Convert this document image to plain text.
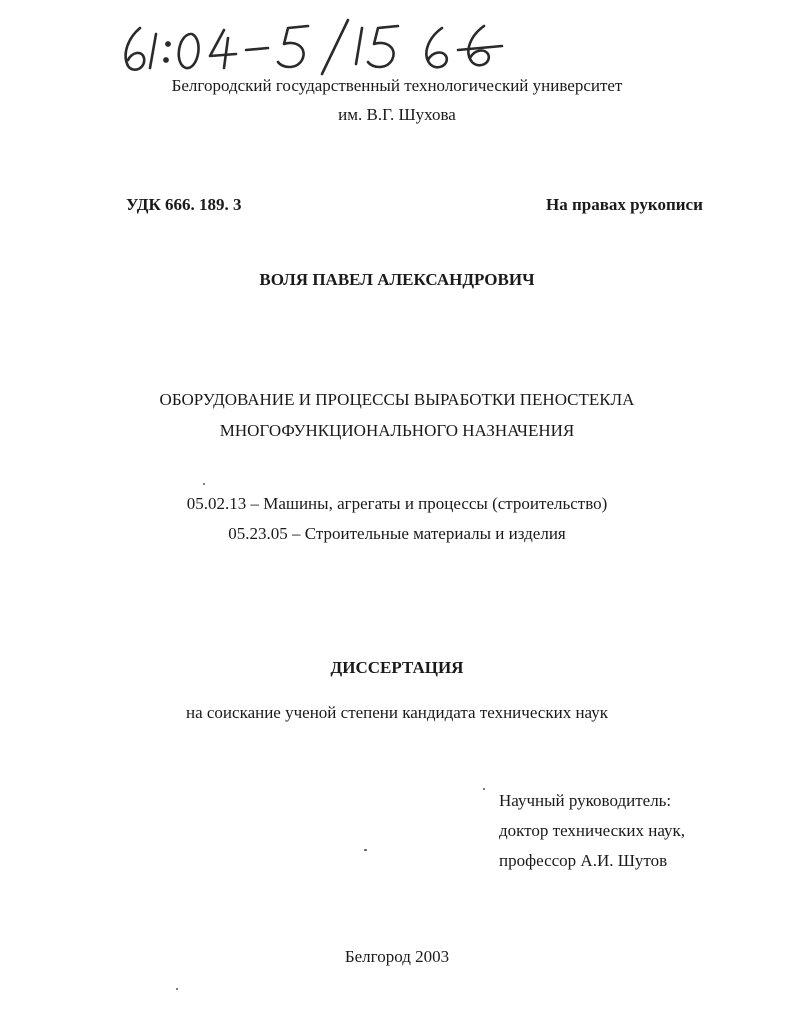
Белгородский государственный технологический университет
им. В.Г. Шухова
УДК 666. 189. 3	На правах рукописи
ВОЛЯ ПАВЕЛ АЛЕКСАНДРОВИЧ
ОБОРУДОВАНИЕ И ПРОЦЕССЫ ВЫРАБОТКИ ПЕНОСТЕКЛА
МНОГОФУНКЦИОНАЛЬНОГО НАЗНАЧЕНИЯ
05.02.13 – Машины, агрегаты и процессы (строительство)
05.23.05 – Строительные материалы и изделия
ДИССЕРТАЦИЯ
на соискание ученой степени кандидата технических наук
Научный руководитель:
доктор технических наук,
профессор А.И. Шутов
Белгород 2003
